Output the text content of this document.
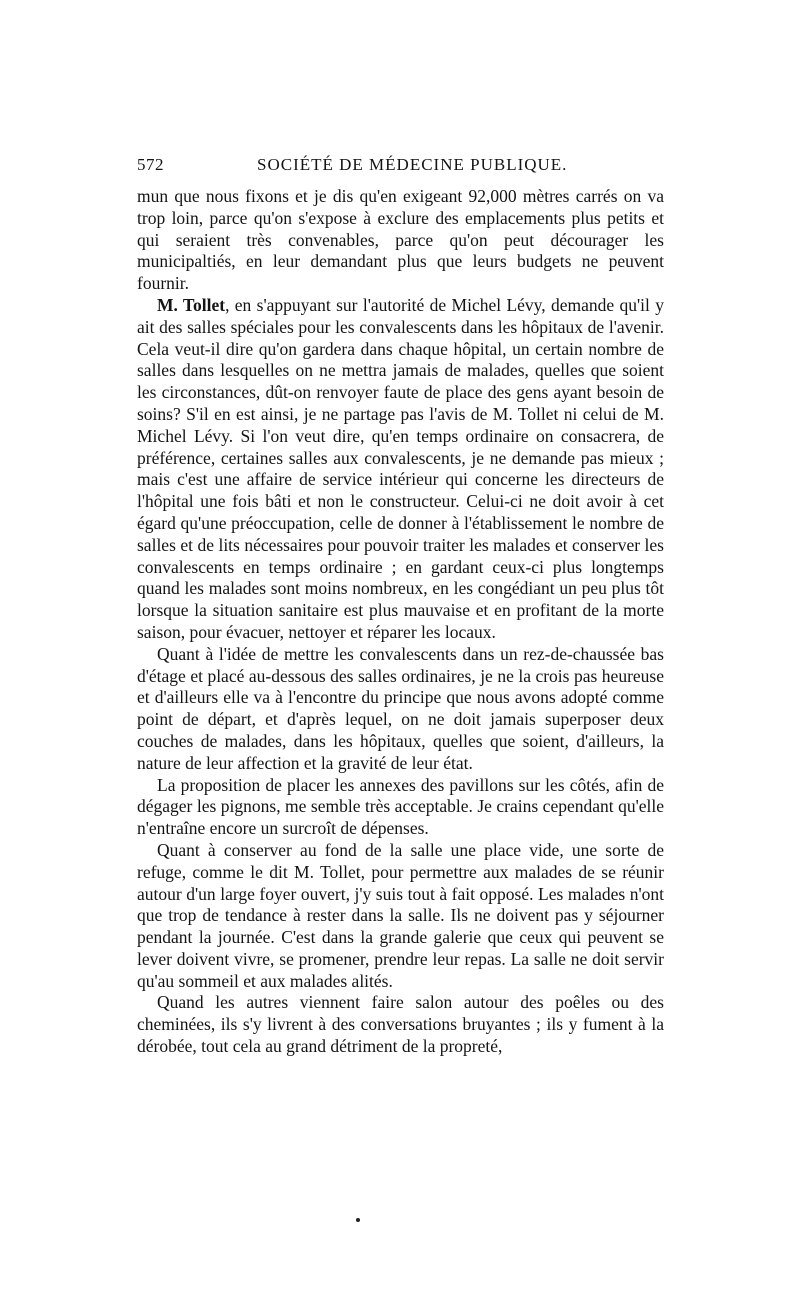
572	SOCIÉTÉ DE MÉDECINE PUBLIQUE.

mun que nous fixons et je dis qu'en exigeant 92,000 mètres carrés on va trop loin, parce qu'on s'expose à exclure des emplacements plus petits et qui seraient très convenables, parce qu'on peut décourager les municipaltiés, en leur demandant plus que leurs budgets ne peuvent fournir.

M. Tollet, en s'appuyant sur l'autorité de Michel Lévy, demande qu'il y ait des salles spéciales pour les convalescents dans les hôpitaux de l'avenir. Cela veut-il dire qu'on gardera dans chaque hôpital, un certain nombre de salles dans lesquelles on ne mettra jamais de malades, quelles que soient les circonstances, dût-on renvoyer faute de place des gens ayant besoin de soins? S'il en est ainsi, je ne partage pas l'avis de M. Tollet ni celui de M. Michel Lévy. Si l'on veut dire, qu'en temps ordinaire on consacrera, de préférence, certaines salles aux convalescents, je ne demande pas mieux ; mais c'est une affaire de service intérieur qui concerne les directeurs de l'hôpital une fois bâti et non le constructeur. Celui-ci ne doit avoir à cet égard qu'une préoccupation, celle de donner à l'établissement le nombre de salles et de lits nécessaires pour pouvoir traiter les malades et conserver les convalescents en temps ordinaire ; en gardant ceux-ci plus longtemps quand les malades sont moins nombreux, en les congédiant un peu plus tôt lorsque la situation sanitaire est plus mauvaise et en profitant de la morte saison, pour évacuer, nettoyer et réparer les locaux.

Quant à l'idée de mettre les convalescents dans un rez-de-chaussée bas d'étage et placé au-dessous des salles ordinaires, je ne la crois pas heureuse et d'ailleurs elle va à l'encontre du principe que nous avons adopté comme point de départ, et d'après lequel, on ne doit jamais superposer deux couches de malades, dans les hôpitaux, quelles que soient, d'ailleurs, la nature de leur affection et la gravité de leur état.

La proposition de placer les annexes des pavillons sur les côtés, afin de dégager les pignons, me semble très acceptable. Je crains cependant qu'elle n'entraîne encore un surcroît de dépenses.

Quant à conserver au fond de la salle une place vide, une sorte de refuge, comme le dit M. Tollet, pour permettre aux malades de se réunir autour d'un large foyer ouvert, j'y suis tout à fait opposé. Les malades n'ont que trop de tendance à rester dans la salle. Ils ne doivent pas y séjourner pendant la journée. C'est dans la grande galerie que ceux qui peuvent se lever doivent vivre, se promener, prendre leur repas. La salle ne doit servir qu'au sommeil et aux malades alités.

Quand les autres viennent faire salon autour des poêles ou des cheminées, ils s'y livrent à des conversations bruyantes ; ils y fument à la dérobée, tout cela au grand détriment de la propreté,
